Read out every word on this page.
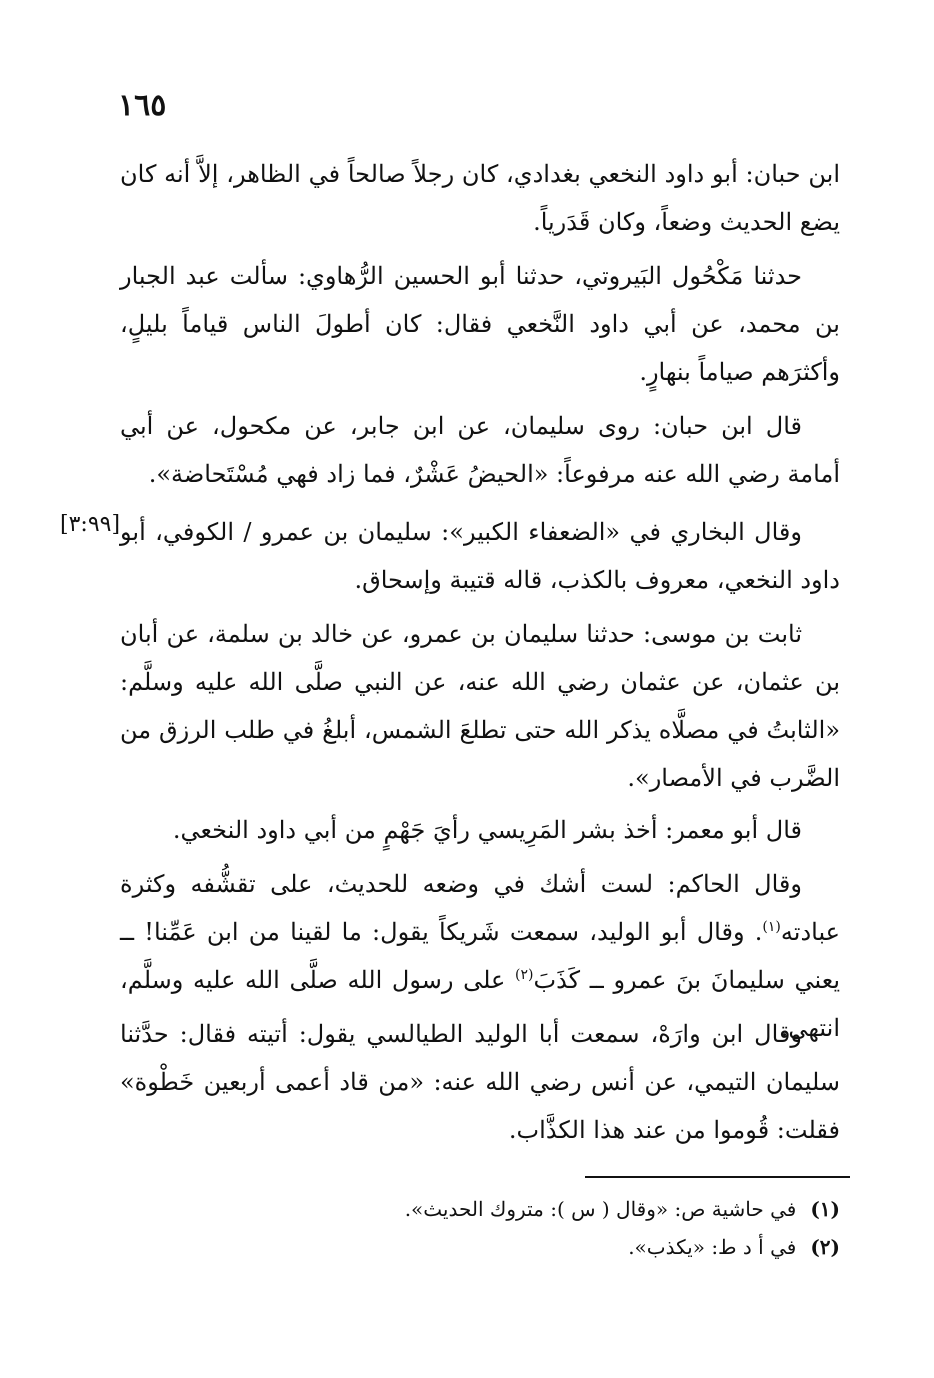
١٦٥
[٣:٩٩]

ابن حبان: أبو داود النخعي بغدادي، كان رجلاً صالحاً في الظاهر، إلاَّ أنه كان يضع الحديث وضعاً، وكان قَدَرياً.

حدثنا مَكْحُول البَيروتي، حدثنا أبو الحسين الرُّهاوي: سألت عبد الجبار بن محمد، عن أبي داود النَّخعي فقال: كان أطولَ الناس قياماً بليلٍ، وأكثرَهم صياماً بنهارٍ.

قال ابن حبان: روى سليمان، عن ابن جابر، عن مكحول، عن أبي أمامة رضي الله عنه مرفوعاً: «الحيضُ عَشْرٌ، فما زاد فهي مُسْتَحاضة».

وقال البخاري في «الضعفاء الكبير»: سليمان بن عمرو / الكوفي، أبو داود النخعي، معروف بالكذب، قاله قتيبة وإسحاق.

ثابت بن موسى: حدثنا سليمان بن عمرو، عن خالد بن سلمة، عن أبان بن عثمان، عن عثمان رضي الله عنه، عن النبي صلَّى الله عليه وسلَّم: «الثابتُ في مصلَّاه يذكر الله حتى تطلعَ الشمس، أبلغُ في طلب الرزق من الضَّرب في الأمصار».

قال أبو معمر: أخذ بشر المَرِيسي رأيَ جَهْمٍ من أبي داود النخعي.

وقال الحاكم: لست أشك في وضعه للحديث، على تقشُّفه وكثرة عبادته$^{(١)}$. وقال أبو الوليد، سمعت شَريكاً يقول: ما لقينا من ابن عَمِّنا! ــ يعني سليمانَ بنَ عمرو ــ كَذَبَ$^{(٢)}$ على رسول الله صلَّى الله عليه وسلَّم، انتهى.

وقال ابن وارَهْ، سمعت أبا الوليد الطيالسي يقول: أتيته فقال: حدَّثنا سليمان التيمي، عن أنس رضي الله عنه: «من قاد أعمى أربعين خَطْوة» فقلت: قُوموا من عند هذا الكذَّاب.

(١)في حاشية ص: «وقال ( س ): متروك الحديث».

(٢)في أ د ط: «يكذب».
